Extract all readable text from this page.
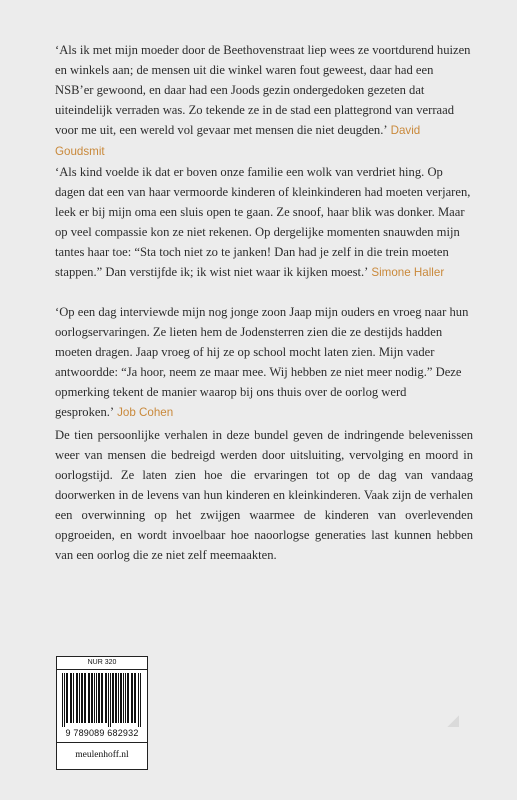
‘Als ik met mijn moeder door de Beethovenstraat liep wees ze voortdurend huizen en winkels aan; de mensen uit die winkel waren fout geweest, daar had een NSB’er gewoond, en daar had een Joods gezin ondergedoken gezeten dat uiteindelijk verraden was. Zo tekende ze in de stad een plattegrond van verraad voor me uit, een wereld vol gevaar met mensen die niet deugden.’ David Goudsmit

‘Als kind voelde ik dat er boven onze familie een wolk van verdriet hing. Op dagen dat een van haar vermoorde kinderen of kleinkinderen had moeten verjaren, leek er bij mijn oma een sluis open te gaan. Ze snoof, haar blik was donker. Maar op veel compassie kon ze niet rekenen. Op dergelijke momenten snauwden mijn tantes haar toe: “Sta toch niet zo te janken! Dan had je zelf in die trein moeten stappen.” Dan verstijfde ik; ik wist niet waar ik kijken moest.’ Simone Haller

‘Op een dag interviewde mijn nog jonge zoon Jaap mijn ouders en vroeg naar hun oorlogservaringen. Ze lieten hem de Jodensterren zien die ze destijds hadden moeten dragen. Jaap vroeg of hij ze op school mocht laten zien. Mijn vader antwoordde: “Ja hoor, neem ze maar mee. Wij hebben ze niet meer nodig.” Deze opmerking tekent de manier waarop bij ons thuis over de oorlog werd gesproken.’ Job Cohen

De tien persoonlijke verhalen in deze bundel geven de indringende belevenissen weer van mensen die bedreigd werden door uitsluiting, vervolging en moord in oorlogstijd. Ze laten zien hoe die ervaringen tot op de dag van vandaag doorwerken in de levens van hun kinderen en kleinkinderen. Vaak zijn de verhalen een overwinning op het zwijgen waarmee de kinderen van overlevenden opgroeiden, en wordt invoelbaar hoe naoorlogse generaties last kunnen hebben van een oorlog die ze niet zelf meemaakten.

NUR 320
9 789089 682932
meulenhoff.nl
◢
